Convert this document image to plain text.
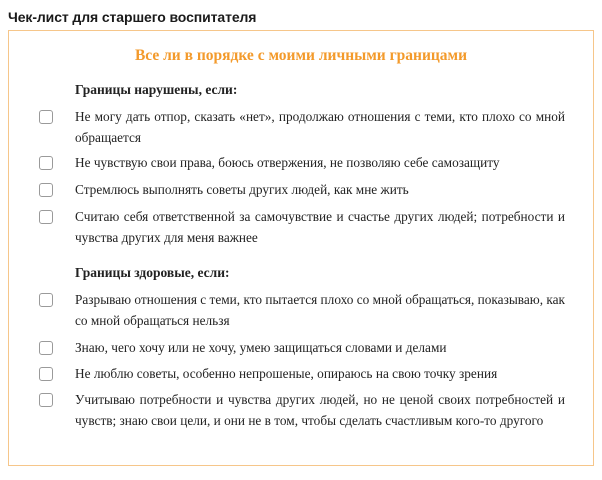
Чек-лист для старшего воспитателя
Все ли в порядке с моими личными границами
Границы нарушены, если:
Не могу дать отпор, сказать «нет», продолжаю отношения с теми, кто плохо со мной обращается
Не чувствую свои права, боюсь отвержения, не позволяю себе самозащиту
Стремлюсь выполнять советы других людей, как мне жить
Считаю себя ответственной за самочувствие и счастье других людей; потребности и чувства других для меня важнее
Границы здоровые, если:
Разрываю отношения с теми, кто пытается плохо со мной обращаться, показываю, как со мной обращаться нельзя
Знаю, чего хочу или не хочу, умею защищаться словами и делами
Не люблю советы, особенно непрошеные, опираюсь на свою точку зрения
Учитываю потребности и чувства других людей, но не ценой своих потребностей и чувств; знаю свои цели, и они не в том, чтобы сделать счастливым кого-то другого
